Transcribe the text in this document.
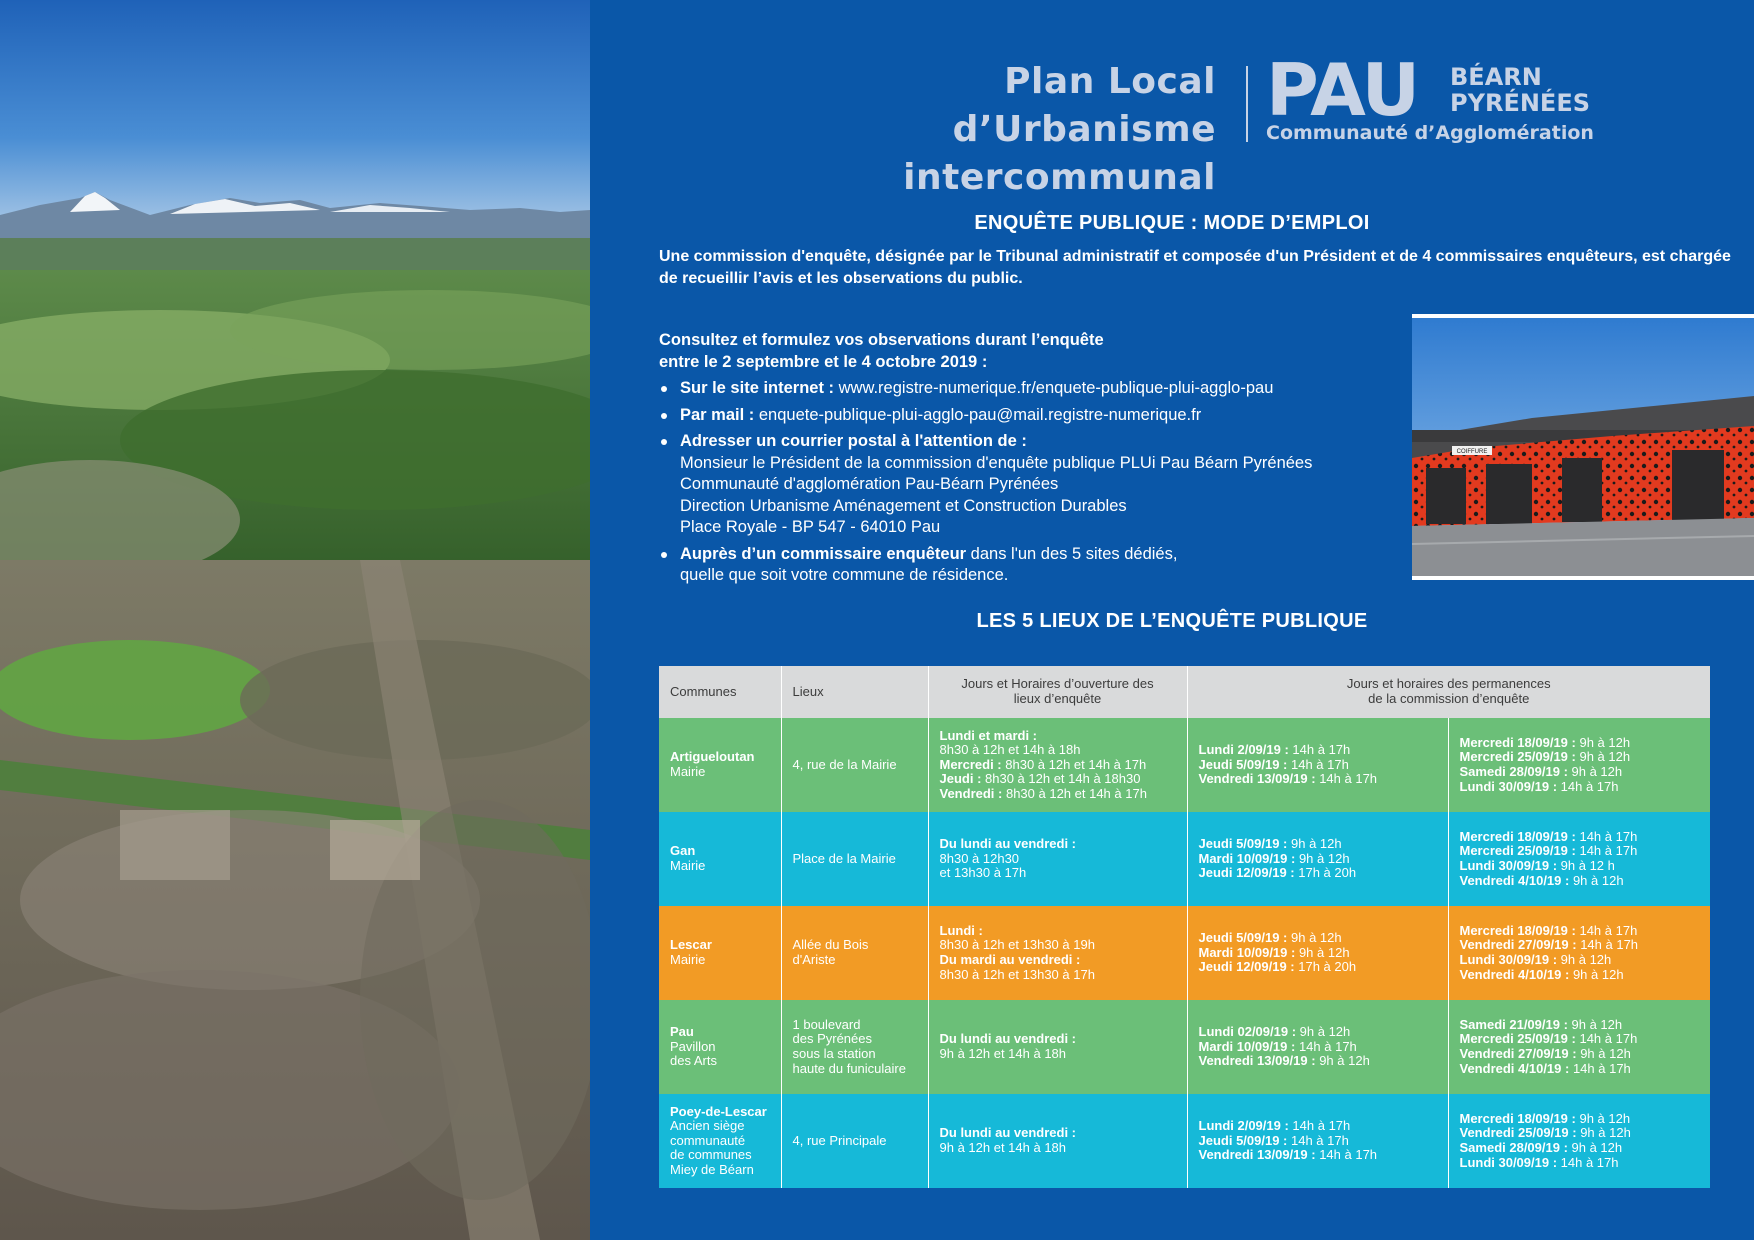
Plan Local d’Urbanisme
intercommunal
PAU BÉARN
PYRÉNÉES
Communauté d’Agglomération
ENQUÊTE PUBLIQUE : MODE D’EMPLOI
Une commission d'enquête, désignée par le Tribunal administratif et composée d'un Président et de 4 commissaires enquêteurs, est chargée de recueillir l’avis et les observations du public.
Consultez et formulez vos observations durant l’enquête
entre le 2 septembre et le 4 octobre 2019 :
Sur le site internet : www.registre-numerique.fr/enquete-publique-plui-agglo-pau
Par mail : enquete-publique-plui-agglo-pau@mail.registre-numerique.fr
Adresser un courrier postal à l'attention de :
Monsieur le Président de la commission d'enquête publique PLUi Pau Béarn Pyrénées
Communauté d'agglomération Pau-Béarn Pyrénées
Direction Urbanisme Aménagement et Construction Durables
Place Royale - BP 547 - 64010 Pau
Auprès d’un commissaire enquêteur dans l'un des 5 sites dédiés,
quelle que soit votre commune de résidence.
COIFFURE
LES 5 LIEUX DE L’ENQUÊTE PUBLIQUE
Communes	Lieux	Jours et Horaires d’ouverture des
lieux d’enquête	Jours et horaires des permanences
de la commission d’enquête	

Artigueloutan
Mairie	4, rue de la Mairie	Lundi et mardi :
8h30 à 12h et 14h à 18h
Mercredi : 8h30 à 12h et 14h à 17h
Jeudi : 8h30 à 12h et 14h à 18h30
Vendredi : 8h30 à 12h et 14h à 17h	Lundi 2/09/19 : 14h à 17h
Jeudi 5/09/19 : 14h à 17h
Vendredi 13/09/19 : 14h à 17h	Mercredi 18/09/19 : 9h à 12h
Mercredi 25/09/19 : 9h à 12h
Samedi 28/09/19 : 9h à 12h
Lundi 30/09/19 : 14h à 17h

Gan
Mairie	Place de la Mairie	Du lundi au vendredi :
8h30 à 12h30
et 13h30 à 17h	Jeudi 5/09/19 : 9h à 12h
Mardi 10/09/19 : 9h à 12h
Jeudi 12/09/19 : 17h à 20h	Mercredi 18/09/19 : 14h à 17h
Mercredi 25/09/19 : 14h à 17h
Lundi 30/09/19 : 9h à 12 h
Vendredi 4/10/19 : 9h à 12h

Lescar
Mairie	Allée du Bois
d'Ariste	Lundi :
8h30 à 12h et 13h30 à 19h
Du mardi au vendredi :
8h30 à 12h et 13h30 à 17h	Jeudi 5/09/19 : 9h à 12h
Mardi 10/09/19 : 9h à 12h
Jeudi 12/09/19 : 17h à 20h	Mercredi 18/09/19 : 14h à 17h
Vendredi 27/09/19 : 14h à 17h
Lundi 30/09/19 : 9h à 12h
Vendredi 4/10/19 : 9h à 12h

Pau
Pavillon
des Arts	1 boulevard
des Pyrénées
sous la station
haute du funiculaire	Du lundi au vendredi :
9h à 12h et 14h à 18h	Lundi 02/09/19 : 9h à 12h
Mardi 10/09/19 : 14h à 17h
Vendredi 13/09/19 : 9h à 12h	Samedi 21/09/19 : 9h à 12h
Mercredi 25/09/19 : 14h à 17h
Vendredi 27/09/19 : 9h à 12h
Vendredi 4/10/19 : 14h à 17h

Poey-de-Lescar
Ancien siège
communauté
de communes
Miey de Béarn	4, rue Principale	Du lundi au vendredi :
9h à 12h et 14h à 18h	Lundi 2/09/19 : 14h à 17h
Jeudi 5/09/19 : 14h à 17h
Vendredi 13/09/19 : 14h à 17h	Mercredi 18/09/19 : 9h à 12h
Vendredi 25/09/19 : 9h à 12h
Samedi 28/09/19 : 9h à 12h
Lundi 30/09/19 : 14h à 17h
